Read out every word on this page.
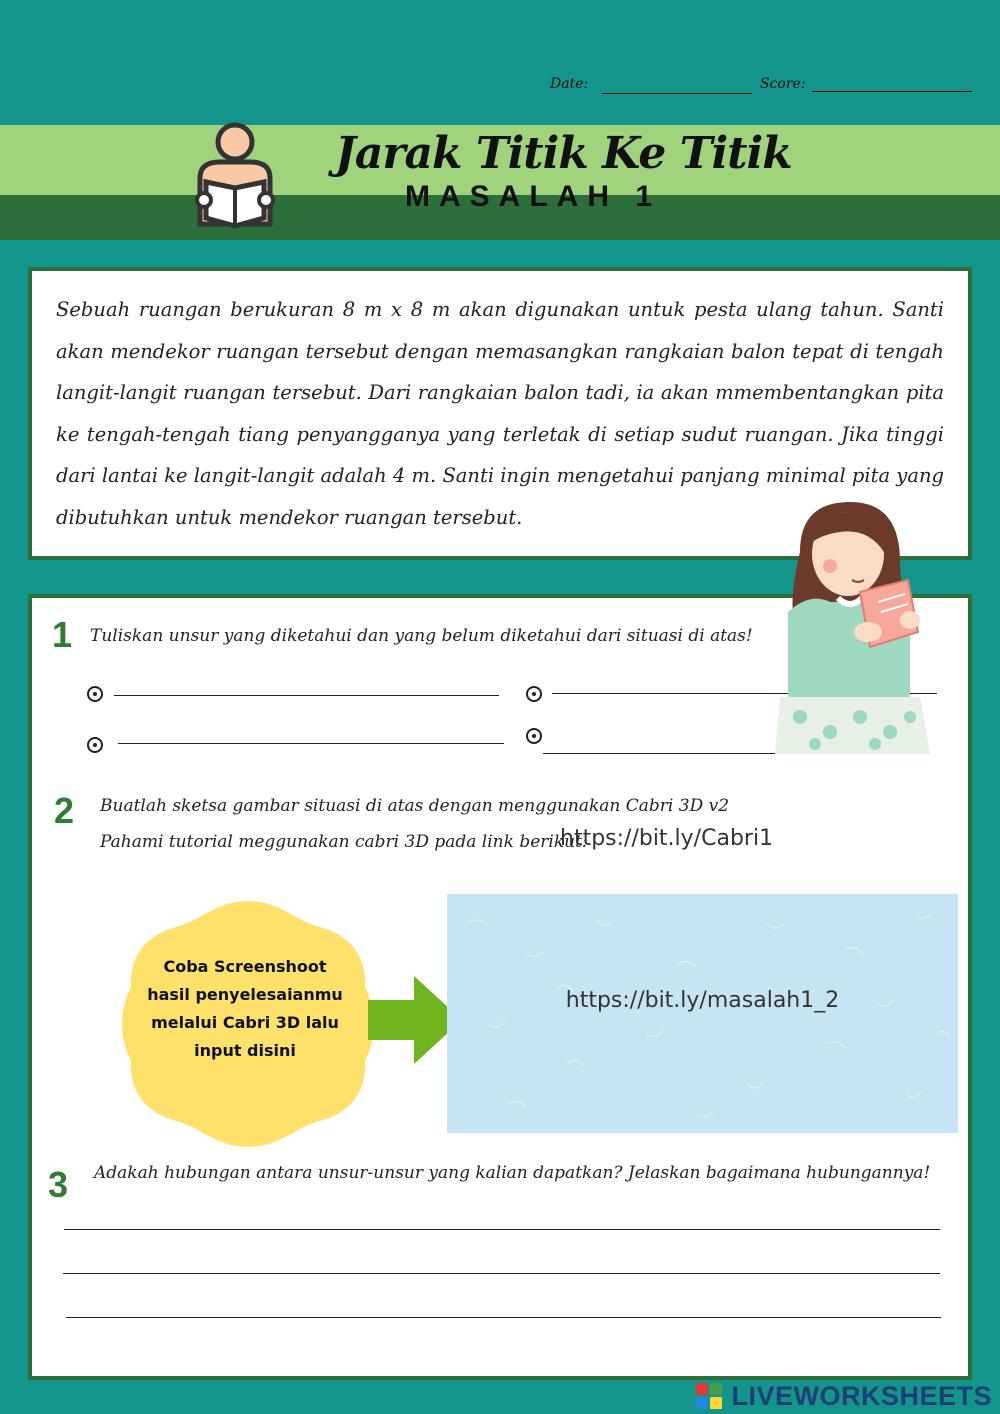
Date:	Score:
Jarak Titik Ke Titik
MASALAH 1

Sebuah ruangan berukuran 8 m x 8 m akan digunakan untuk pesta ulang tahun. Santi akan mendekor ruangan tersebut dengan memasangkan rangkaian balon tepat di tengah langit-langit ruangan tersebut. Dari rangkaian balon tadi, ia akan mmembentangkan pita ke tengah-tengah tiang penyangganya yang terletak di setiap sudut ruangan. Jika tinggi dari lantai ke langit-langit adalah 4 m. Santi ingin mengetahui panjang minimal pita yang dibutuhkan untuk mendekor ruangan tersebut.

1 Tuliskan unsur yang diketahui dan yang belum diketahui dari situasi di atas!
2 Buatlah sketsa gambar situasi di atas dengan menggunakan Cabri 3D v2
Pahami tutorial meggunakan cabri 3D pada link berikut:
https://bit.ly/Cabri1
Coba Screenshoot hasil penyelesaianmu melalui Cabri 3D lalu input disini
https://bit.ly/masalah1_2
3 Adakah hubungan antara unsur-unsur yang kalian dapatkan? Jelaskan bagaimana hubungannya!
LIVEWORKSHEETS
